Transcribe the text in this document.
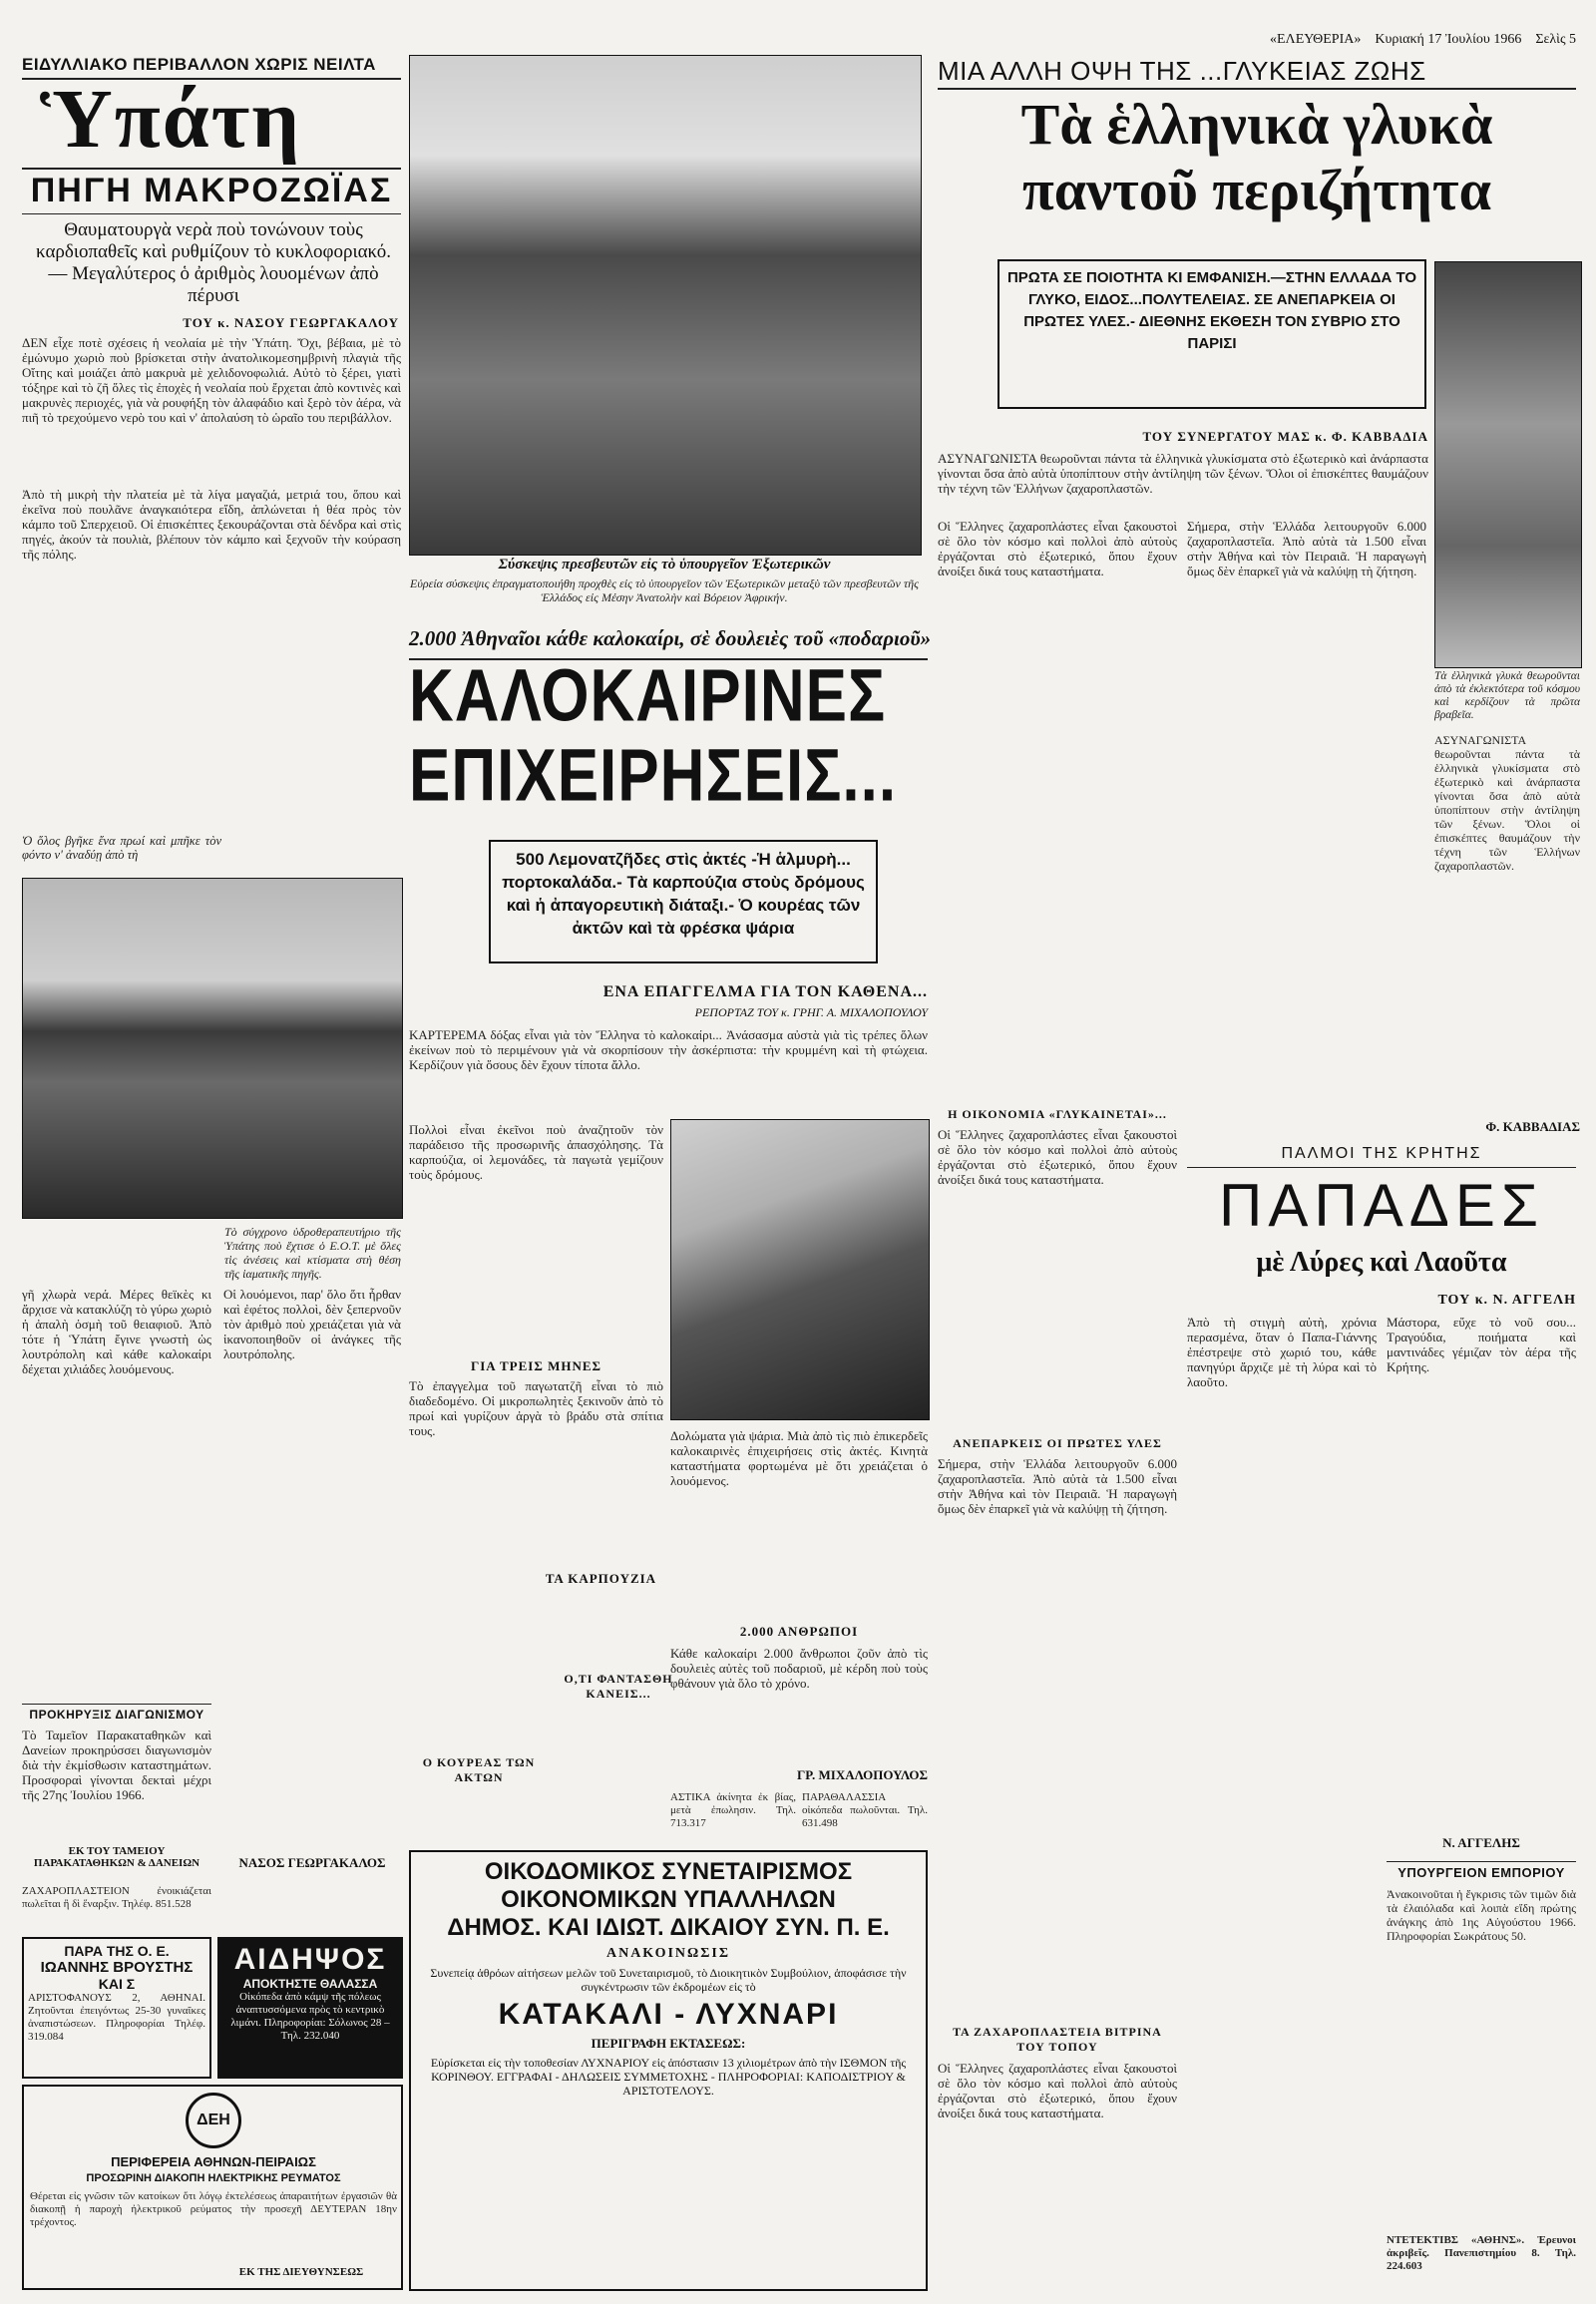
«ΕΛΕΥΘΕΡΙΑ» Κυριακή 17 Ἰουλίου 1966 Σελὶς 5
ΕΙΔΥΛΛΙΑΚΟ ΠΕΡΙΒΑΛΛΟΝ ΧΩΡΙΣ ΝΕΙΛΤΑ
Ὑπάτη
ΠΗΓΗ ΜΑΚΡΟΖΩΪΑΣ
Θαυματουργὰ νερὰ ποὺ τονώνουν τοὺς καρδιοπαθεῖς καὶ ρυθμίζουν τὸ κυκλοφοριακό.— Μεγαλύτερος ὁ ἀριθμὸς λουομένων ἀπὸ πέρυσι
ΤΟΥ κ. ΝΑΣΟΥ ΓΕΩΡΓΑΚΑΛΟΥ
ΔΕΝ εἶχε ποτὲ σχέσεις ἡ νεολαία μὲ τὴν Ὑπάτη. Ὄχι, βέβαια, μὲ τὸ ἐμώνυμο χωριὸ ποὺ βρίσκεται στὴν ἀνατολικομεσημβρινὴ πλαγιὰ τῆς Οἴτης καὶ μοιάζει ἀπὸ μακρυὰ μὲ χελιδονοφωλιά. Αὐτὸ τὸ ξέρει, γιατὶ τόξηρε καὶ τὸ ζῆ ὅλες τὶς ἐποχὲς ἡ νεολαία ποὺ ἔρχεται ἀπὸ κοντινὲς καὶ μακρυνὲς περιοχές, γιὰ νὰ ρουφήξη τὸν ἀλαφάδιο καὶ ξερὸ τὸν ἀέρα, νὰ πιῆ τὸ τρεχούμενο νερὸ του καὶ ν' ἀπολαύση τὸ ὡραῖο του περιβάλλον.
Ἀπὸ τὴ μικρὴ τὴν πλατεία μὲ τὰ λίγα μαγαζιά, μετριά του, ὅπου καὶ ἐκεῖνα ποὺ πουλᾶνε ἀναγκαιότερα εἴδη, ἀπλώνεται ἡ θέα πρὸς τὸν κάμπο τοῦ Σπερχειοῦ. Οἱ ἐπισκέπτες ξεκουράζονται στὰ δένδρα καὶ στὶς πηγές, ἀκούν τὰ πουλιὰ, βλέπουν τὸν κάμπο καὶ ξεχνοῦν τὴν κούραση τῆς πόλης.
Ὁ ὅλος βγῆκε ἕνα πρωί καὶ μπῆκε τὸν φόντο ν' ἀναδύῃ ἀπὸ τὴ
Τὸ σύγχρονο ὑδροθεραπευτήριο τῆς Ὑπάτης ποὺ ἔχτισε ὁ Ε.Ο.Τ. μὲ ὅλες τὶς ἀνέσεις καὶ κτίσματα στὴ θέση τῆς ἱαματικῆς πηγῆς.
γῆ χλωρὰ νερά. Μέρες θεϊκὲς κι ἄρχισε νὰ κατακλύζη τὸ γύρω χωριὸ ἡ ἀπαλὴ ὀσμὴ τοῦ θειαφιοῦ. Ἀπὸ τότε ἡ Ὑπάτη ἔγινε γνωστὴ ὡς λουτρόπολη καὶ κάθε καλοκαίρι δέχεται χιλιάδες λουόμενους.
ΠΡΟΚΗΡΥΞΙΣ ΔΙΑΓΩΝΙΣΜΟΥ
Τὸ Ταμεῖον Παρακαταθηκῶν καὶ Δανείων προκηρύσσει διαγωνισμὸν διὰ τὴν ἐκμίσθωσιν καταστημάτων. Προσφοραὶ γίνονται δεκταὶ μέχρι τῆς 27ης Ἰουλίου 1966.
ΕΚ ΤΟΥ ΤΑΜΕΙΟΥ ΠΑΡΑΚΑΤΑΘΗΚΩΝ & ΔΑΝΕΙΩΝ
ΖΑΧΑΡΟΠΛΑΣΤΕΙΟΝ ἐνοικιάζεται πωλεῖται ἢ δὶ ἕναρξιν. Τηλέφ. 851.528
Οἱ λουόμενοι, παρ' ὅλο ὅτι ἦρθαν καὶ ἐφέτος πολλοὶ, δὲν ξεπερνοῦν τὸν ἀριθμὸ ποὺ χρειάζεται γιὰ νὰ ἱκανοποιηθοῦν οἱ ἀνάγκες τῆς λουτρόπολης.
ΝΑΣΟΣ ΓΕΩΡΓΑΚΑΛΟΣ
ΠΑΡΑ ΤΗΣ Ο. Ε.
ΙΩΑΝΝΗΣ ΒΡΟΥΣΤΗΣ
ΚΑΙ Σ
ΑΡΙΣΤΟΦΑΝΟΥΣ 2, ΑΘΗΝΑΙ. Ζητοῦνται ἐπειγόντως 25-30 γυναῖκες ἀναπιστώσεων. Πληροφορίαι Τηλέφ. 319.084
ΑΙΔΗΨΟΣ
ΑΠΟΚΤΗΣΤΕ ΘΑΛΑΣΣΑ
Οἰκόπεδα ἀπὸ κάμψ τῆς πόλεως ἀναπτυσσόμενα πρὸς τὸ κεντρικὸ λιμάνι. Πληροφορίαι: Σόλωνος 28 – Τηλ. 232.040
ΔΕΗ
ΠΕΡΙΦΕΡΕΙΑ ΑΘΗΝΩΝ-ΠΕΙΡΑΙΩΣ
ΠΡΟΣΩΡΙΝΗ ΔΙΑΚΟΠΗ ΗΛΕΚΤΡΙΚΗΣ ΡΕΥΜΑΤΟΣ
Θέρεται εἰς γνῶσιν τῶν κατοίκων ὅτι λόγῳ ἐκτελέσεως ἀπαραιτήτων ἐργασιῶν θὰ διακοπῇ ἡ παροχὴ ἠλεκτρικοῦ ρεύματος τὴν προσεχῆ ΔΕΥΤΕΡΑΝ 18ην τρέχοντος.
ΕΚ ΤΗΣ ΔΙΕΥΘΥΝΣΕΩΣ
Σύσκεψις πρεσβευτῶν εἰς τὸ ὑπουργεῖον Ἐξωτερικῶν
Εὐρεία σύσκεψις ἐπραγματοποιήθη προχθὲς εἰς τὸ ὑπουργεῖον τῶν Ἐξωτερικῶν μεταξὺ τῶν πρεσβευτῶν τῆς Ἑλλάδος εἰς Μέσην Ἀνατολὴν καὶ Βόρειον Ἀφρικήν.
2.000 Ἀθηναῖοι κάθε καλοκαίρι, σὲ δουλειὲς τοῦ «ποδαριοῦ»
ΚΑΛΟΚΑΙΡΙΝΕΣ
ΕΠΙΧΕΙΡΗΣΕΙΣ...
500 Λεμονατζῆδες στὶς ἀκτές -Ἡ ἁλμυρὴ... πορτοκαλάδα.- Τὰ καρπούζια στοὺς δρόμους καὶ ἡ ἀπαγορευτικὴ διάταξι.- Ὁ κουρέας τῶν ἀκτῶν καὶ τὰ φρέσκα ψάρια
ΕΝΑ ΕΠΑΓΓΕΛΜΑ ΓΙΑ ΤΟΝ ΚΑΘΕΝΑ...
ΡΕΠΟΡΤΑΖ ΤΟΥ κ. ΓΡΗΓ. Α. ΜΙΧΑΛΟΠΟΥΛΟΥ
ΚΑΡΤΕΡΕΜΑ δόξας εἶναι γιὰ τὸν Ἕλληνα τὸ καλοκαίρι... Ἀνάσασμα αὐστὰ γιὰ τὶς τρέπες ὅλων ἐκείνων ποὺ τὸ περιμένουν γιὰ νὰ σκορπίσουν τὴν ἀσκέρπιστα: τὴν κρυμμένη καὶ τὴ φτώχεια. Κερδίζουν γιὰ ὅσους δὲν ἔχουν τίποτα ἄλλο.
Πολλοὶ εἶναι ἐκεῖνοι ποὺ ἀναζητοῦν τὸν παράδεισο τῆς προσωρινῆς ἀπασχόλησης. Τὰ καρπούζια, οἱ λεμονάδες, τὰ παγωτὰ γεμίζουν τοὺς δρόμους.
ΓΙΑ ΤΡΕΙΣ ΜΗΝΕΣ
Τὸ ἐπαγγελμα τοῦ παγωτατζῆ εἶναι τὸ πιὸ διαδεδομένο. Οἱ μικροπωλητὲς ξεκινοῦν ἀπὸ τὸ πρωί καὶ γυρίζουν ἀργὰ τὸ βράδυ στὰ σπίτια τους.
ΤΑ ΚΑΡΠΟΥΖΙΑ
Ο ΚΟΥΡΕΑΣ ΤΩΝ ΑΚΤΩΝ
Δολώματα γιὰ ψάρια. Μιὰ ἀπὸ τὶς πιὸ ἐπικερδεῖς καλοκαιρινὲς ἐπιχειρήσεις στὶς ἀκτές. Κινητὰ καταστήματα φορτωμένα μὲ ὅτι χρειάζεται ὁ λουόμενος.
2.000 ΑΝΘΡΩΠΟΙ
Ο,ΤΙ ΦΑΝΤΑΣΘΗ ΚΑΝΕΙΣ...
Κάθε καλοκαίρι 2.000 ἄνθρωποι ζοῦν ἀπὸ τὶς δουλειὲς αὐτὲς τοῦ ποδαριοῦ, μὲ κέρδη ποὺ τοὺς φθάνουν γιὰ ὅλο τὸ χρόνο.
ΓΡ. ΜΙΧΑΛΟΠΟΥΛΟΣ
ΑΣΤΙΚΑ ἀκίνητα ἐκ βίας, μετὰ ἐπωλησιν. Τηλ. 713.317
ΠΑΡΑΘΑΛΑΣΣΙΑ οἰκόπεδα πωλοῦνται. Τηλ. 631.498
ΟΙΚΟΔΟΜΙΚΟΣ ΣΥΝΕΤΑΙΡΙΣΜΟΣ ΟΙΚΟΝΟΜΙΚΩΝ ΥΠΑΛΛΗΛΩΝ
ΔΗΜΟΣ. ΚΑΙ ΙΔΙΩΤ. ΔΙΚΑΙΟΥ ΣΥΝ. Π. Ε.
ΑΝΑΚΟΙΝΩΣΙΣ
Συνεπείᾳ ἀθρόων αἰτήσεων μελῶν τοῦ Συνεταιρισμοῦ, τὸ Διοικητικὸν Συμβούλιον, ἀποφάσισε τὴν συγκέντρωσιν τῶν ἐκδρομέων εἰς τὸ
ΚΑΤΑΚΑΛΙ - ΛΥΧΝΑΡΙ
ΠΕΡΙΓΡΑΦΗ ΕΚΤΑΣΕΩΣ:
Εὑρίσκεται εἰς τὴν τοποθεσίαν ΛΥΧΝΑΡΙΟΥ εἰς ἀπόστασιν 13 χιλιομέτρων ἀπὸ τὴν ΙΣΘΜΟΝ τῆς ΚΟΡΙΝΘΟΥ. ΕΓΓΡΑΦΑΙ - ΔΗΛΩΣΕΙΣ ΣΥΜΜΕΤΟΧΗΣ - ΠΛΗΡΟΦΟΡΙΑΙ: ΚΑΠΟΔΙΣΤΡΙΟΥ & ΑΡΙΣΤΟΤΕΛΟΥΣ.
ΜΙΑ ΑΛΛΗ ΟΨΗ ΤΗΣ ...ΓΛΥΚΕΙΑΣ ΖΩΗΣ
Τὰ ἑλληνικὰ γλυκὰ
παντοῦ περιζήτητα
ΠΡΩΤΑ ΣΕ ΠΟΙΟΤΗΤΑ ΚΙ ΕΜΦΑΝΙΣΗ.—ΣΤΗΝ ΕΛΛΑΔΑ ΤΟ ΓΛΥΚΟ, ΕΙΔΟΣ...ΠΟΛΥΤΕΛΕΙΑΣ. ΣΕ ΑΝΕΠΑΡΚΕΙΑ ΟΙ ΠΡΩΤΕΣ ΥΛΕΣ.- ΔΙΕΘΝΗΣ ΕΚΘΕΣΗ ΤΟΝ ΣΥΒΡΙΟ ΣΤΟ ΠΑΡΙΣΙ
ΤΟΥ ΣΥΝΕΡΓΑΤΟΥ ΜΑΣ κ. Φ. ΚΑΒΒΑΔΙΑ
ΑΣΥΝΑΓΩΝΙΣΤΑ θεωροῦνται πάντα τὰ ἑλληνικὰ γλυκίσματα στὸ ἐξωτερικὸ καὶ ἀνάρπαστα γίνονται ὅσα ἀπὸ αὐτὰ ὑποπίπτουν στὴν ἀντίληψη τῶν ξένων. Ὅλοι οἱ ἐπισκέπτες θαυμάζουν τὴν τέχνη τῶν Ἑλλήνων ζαχαροπλαστῶν.
Οἱ Ἕλληνες ζαχαροπλάστες εἶναι ξακουστοὶ σὲ ὅλο τὸν κόσμο καὶ πολλοὶ ἀπὸ αὐτοὺς ἐργάζονται στὸ ἐξωτερικό, ὅπου ἔχουν ἀνοίξει δικά τους καταστήματα.
Σήμερα, στὴν Ἑλλάδα λειτουργοῦν 6.000 ζαχαροπλαστεῖα. Ἀπὸ αὐτὰ τὰ 1.500 εἶναι στὴν Ἀθήνα καὶ τὸν Πειραιᾶ. Ἡ παραγωγὴ ὅμως δὲν ἐπαρκεῖ γιὰ νὰ καλύψῃ τὴ ζήτηση.
Τὰ ἑλληνικὰ γλυκὰ θεωροῦνται ἀπὸ τὰ ἐκλεκτότερα τοῦ κόσμου καὶ κερδίζουν τὰ πρῶτα βραβεῖα.
ΑΣΥΝΑΓΩΝΙΣΤΑ θεωροῦνται πάντα τὰ ἑλληνικὰ γλυκίσματα στὸ ἐξωτερικὸ καὶ ἀνάρπαστα γίνονται ὅσα ἀπὸ αὐτὰ ὑποπίπτουν στὴν ἀντίληψη τῶν ξένων. Ὅλοι οἱ ἐπισκέπτες θαυμάζουν τὴν τέχνη τῶν Ἑλλήνων ζαχαροπλαστῶν.
Φ. ΚΑΒΒΑΔΙΑΣ
Η ΟΙΚΟΝΟΜΙΑ «ΓΛΥΚΑΙΝΕΤΑΙ»...
Οἱ Ἕλληνες ζαχαροπλάστες εἶναι ξακουστοὶ σὲ ὅλο τὸν κόσμο καὶ πολλοὶ ἀπὸ αὐτοὺς ἐργάζονται στὸ ἐξωτερικό, ὅπου ἔχουν ἀνοίξει δικά τους καταστήματα.
ΑΝΕΠΑΡΚΕΙΣ ΟΙ ΠΡΩΤΕΣ ΥΛΕΣ
Σήμερα, στὴν Ἑλλάδα λειτουργοῦν 6.000 ζαχαροπλαστεῖα. Ἀπὸ αὐτὰ τὰ 1.500 εἶναι στὴν Ἀθήνα καὶ τὸν Πειραιᾶ. Ἡ παραγωγὴ ὅμως δὲν ἐπαρκεῖ γιὰ νὰ καλύψῃ τὴ ζήτηση.
ΤΑ ΖΑΧΑΡΟΠΛΑΣΤΕΙΑ ΒΙΤΡΙΝΑ ΤΟΥ ΤΟΠΟΥ
Οἱ Ἕλληνες ζαχαροπλάστες εἶναι ξακουστοὶ σὲ ὅλο τὸν κόσμο καὶ πολλοὶ ἀπὸ αὐτοὺς ἐργάζονται στὸ ἐξωτερικό, ὅπου ἔχουν ἀνοίξει δικά τους καταστήματα.
ΠΑΛΜΟΙ ΤΗΣ ΚΡΗΤΗΣ
ΠΑΠΑΔΕΣ
μὲ Λύρες καὶ Λαοῦτα
ΤΟΥ κ. Ν. ΑΓΓΕΛΗ
Ἀπὸ τὴ στιγμὴ αὐτὴ, χρόνια περασμένα, ὅταν ὁ Παπα-Γιάννης ἐπέστρεψε στὸ χωριό του, κάθε πανηγύρι ἄρχιζε μὲ τὴ λύρα καὶ τὸ λαοῦτο.
Μάστορα, εὔχε τὸ νοῦ σου... Τραγούδια, ποιήματα καὶ μαντινάδες γέμιζαν τὸν ἀέρα τῆς Κρήτης.
Ν. ΑΓΓΕΛΗΣ
ΥΠΟΥΡΓΕΙΟΝ ΕΜΠΟΡΙΟΥ
Ἀνακοινοῦται ἡ ἔγκρισις τῶν τιμῶν διὰ τὰ ἐλαιόλαδα καὶ λοιπὰ εἴδη πρώτης ἀνάγκης ἀπὸ 1ης Αὐγούστου 1966. Πληροφορίαι Σωκράτους 50.
ΝΤΕΤΕΚΤΙΒΣ «ΑΘΗΝΣ». Ἐρευνοι ἀκριβεῖς. Πανεπιστημίου 8. Τηλ. 224.603
